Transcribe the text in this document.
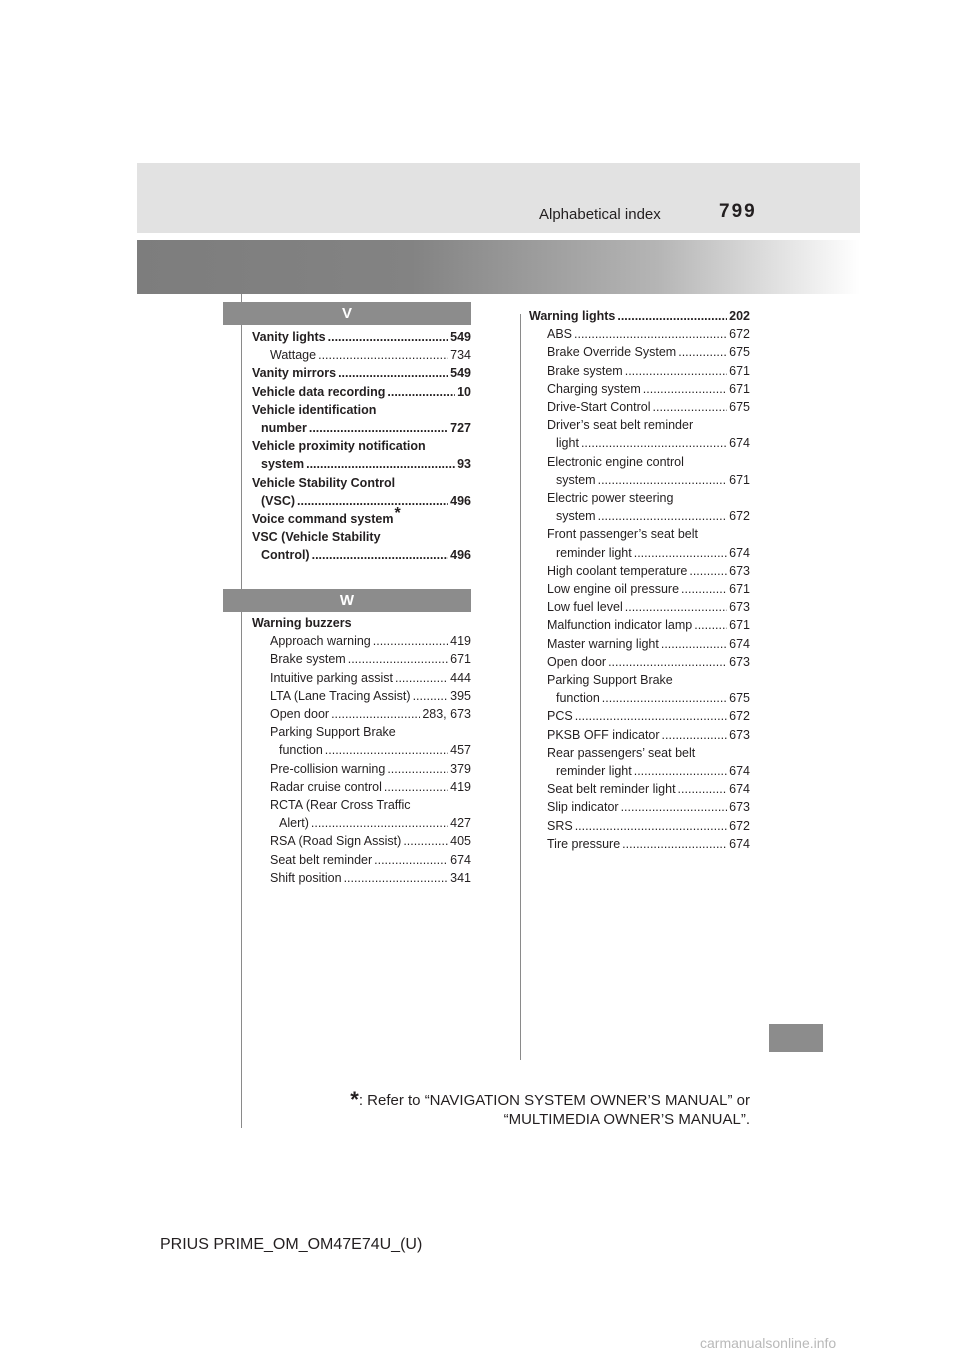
Alphabetical index	799
V
W
Vanity lights .....	549
Wattage .....	734
Vanity mirrors .....	549
Vehicle data recording .....	10
Vehicle identification
number .....	727
Vehicle proximity notification
system .....	93
Vehicle Stability Control
(VSC) .....	496
Voice command system*
VSC (Vehicle Stability
Control) .....	496
Warning buzzers
Approach warning .....	419
Brake system .....	671
Intuitive parking assist .....	444
LTA (Lane Tracing Assist) .....	395
Open door .....	283, 673
Parking Support Brake
function .....	457
Pre-collision warning .....	379
Radar cruise control .....	419
RCTA (Rear Cross Traffic
Alert) .....	427
RSA (Road Sign Assist) .....	405
Seat belt reminder .....	674
Shift position .....	341
Warning lights .....	202
ABS .....	672
Brake Override System .....	675
Brake system .....	671
Charging system .....	671
Drive-Start Control .....	675
Driver’s seat belt reminder
light .....	674
Electronic engine control
system .....	671
Electric power steering
system .....	672
Front passenger’s seat belt
reminder light .....	674
High coolant temperature .....	673
Low engine oil pressure .....	671
Low fuel level .....	673
Malfunction indicator lamp .....	671
Master warning light .....	674
Open door .....	673
Parking Support Brake
function .....	675
PCS .....	672
PKSB OFF indicator .....	673
Rear passengers’ seat belt
reminder light .....	674
Seat belt reminder light .....	674
Slip indicator .....	673
SRS .....	672
Tire pressure .....	674
*: Refer to “NAVIGATION SYSTEM OWNER’S MANUAL” or
“MULTIMEDIA OWNER’S MANUAL”.
PRIUS PRIME_OM_OM47E74U_(U)
carmanualsonline.info
